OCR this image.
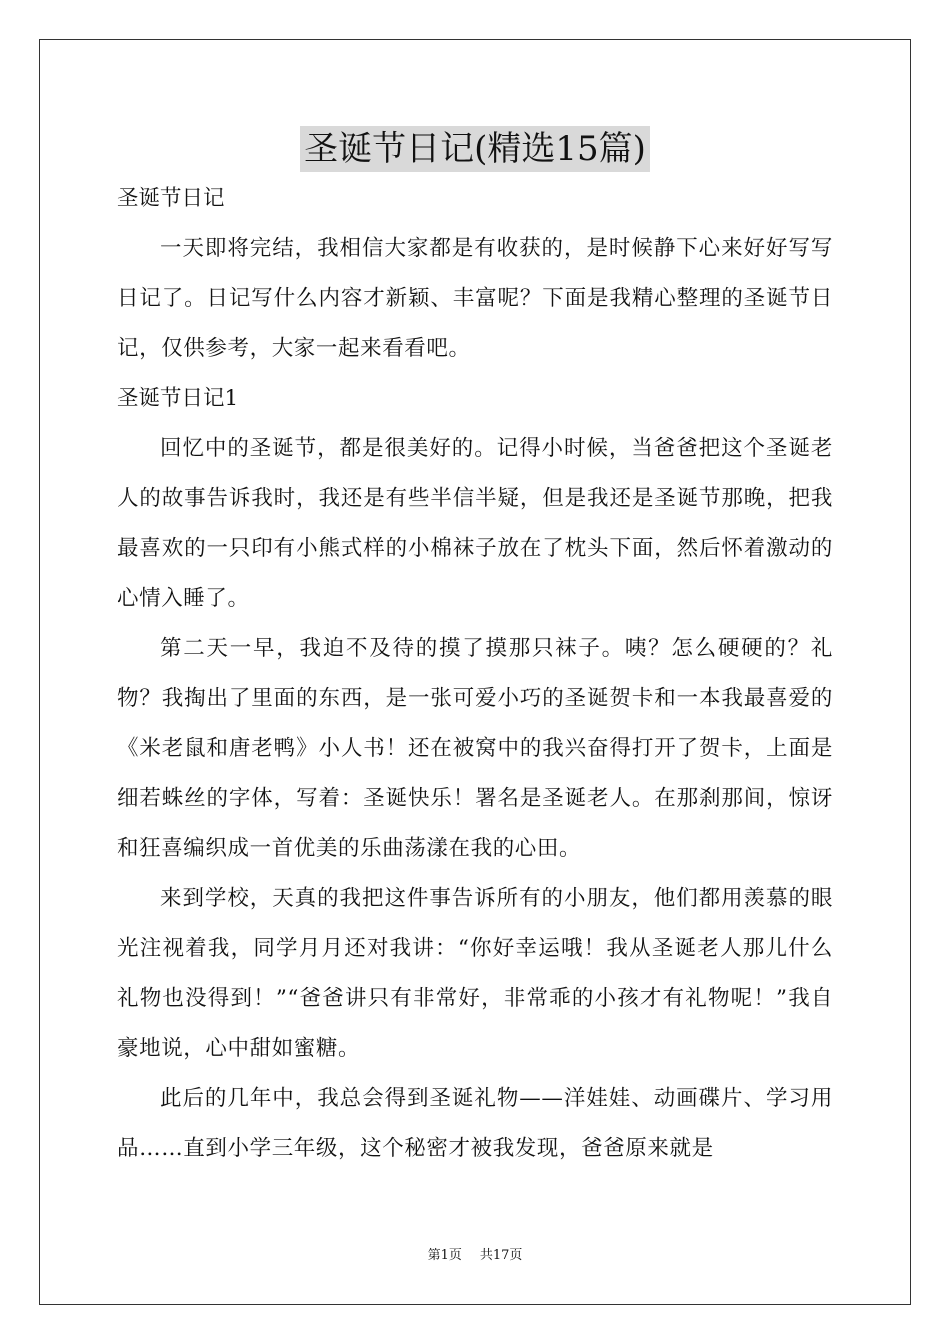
圣诞节日记(精选15篇)

圣诞节日记

一天即将完结，我相信大家都是有收获的，是时候静下心来好好写写日记了。日记写什么内容才新颖、丰富呢？下面是我精心整理的圣诞节日记，仅供参考，大家一起来看看吧。

圣诞节日记1

回忆中的圣诞节，都是很美好的。记得小时候，当爸爸把这个圣诞老人的故事告诉我时，我还是有些半信半疑，但是我还是圣诞节那晚，把我最喜欢的一只印有小熊式样的小棉袜子放在了枕头下面，然后怀着激动的心情入睡了。

第二天一早，我迫不及待的摸了摸那只袜子。咦？怎么硬硬的？礼物？我掏出了里面的东西，是一张可爱小巧的圣诞贺卡和一本我最喜爱的《米老鼠和唐老鸭》小人书！还在被窝中的我兴奋得打开了贺卡，上面是细若蛛丝的字体，写着：圣诞快乐！署名是圣诞老人。在那刹那间，惊讶和狂喜编织成一首优美的乐曲荡漾在我的心田。

来到学校，天真的我把这件事告诉所有的小朋友，他们都用羡慕的眼光注视着我，同学月月还对我讲：“你好幸运哦！我从圣诞老人那儿什么礼物也没得到！”“爸爸讲只有非常好，非常乖的小孩才有礼物呢！”我自豪地说，心中甜如蜜糖。

此后的几年中，我总会得到圣诞礼物——洋娃娃、动画碟片、学习用品……直到小学三年级，这个秘密才被我发现，爸爸原来就是

第1页 共17页
